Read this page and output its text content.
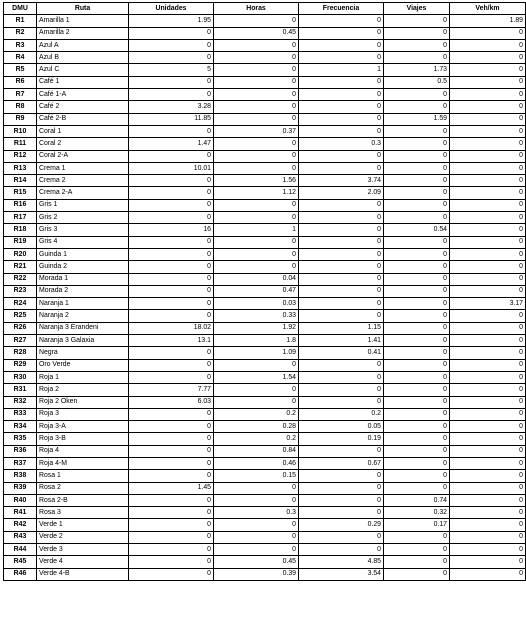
DMU	Ruta	Unidades	Horas	Frecuencia	Viajes	Veh/km
R1	Amarilla 1	1.95	0	0	0	1.89
R2	Amarilla 2	0	0.45	0	0	0
R3	Azul A	0	0	0	0	0
R4	Azul B	0	0	0	0	0
R5	Azul C	5	0	1	1.73	0
R6	Café 1	0	0	0	0.5	0
R7	Café 1-A	0	0	0	0	0
R8	Café 2	3.28	0	0	0	0
R9	Café 2-B	11.85	0	0	1.59	0
R10	Coral 1	0	0.37	0	0	0
R11	Coral 2	1.47	0	0.3	0	0
R12	Coral 2-A	0	0	0	0	0
R13	Crema 1	10.01	0	0	0	0
R14	Crema 2	0	1.56	3.74	0	0
R15	Crema 2-A	0	1.12	2.09	0	0
R16	Gris 1	0	0	0	0	0
R17	Gris 2	0	0	0	0	0
R18	Gris 3	16	1	0	0.54	0
R19	Gris 4	0	0	0	0	0
R20	Guinda 1	0	0	0	0	0
R21	Guinda 2	0	0	0	0	0
R22	Morada 1	0	0.04	0	0	0
R23	Morada 2	0	0.47	0	0	0
R24	Naranja 1	0	0.03	0	0	3.17
R25	Naranja 2	0	0.33	0	0	0
R26	Naranja 3 Erandeni	18.02	1.92	1.15	0	0
R27	Naranja 3 Galaxia	13.1	1.8	1.41	0	0
R28	Negra	0	1.09	0.41	0	0
R29	Oro Verde	0	0	0	0	0
R30	Roja 1	0	1.54	0	0	0
R31	Roja 2	7.77	0	0	0	0
R32	Roja 2 Oken	6.03	0	0	0	0
R33	Roja 3	0	0.2	0.2	0	0
R34	Roja 3-A	0	0.28	0.05	0	0
R35	Roja 3-B	0	0.2	0.19	0	0
R36	Roja 4	0	0.84	0	0	0
R37	Roja 4-M	0	0.46	0.67	0	0
R38	Rosa 1	0	0.15	0	0	0
R39	Rosa 2	1.45	0	0	0	0
R40	Rosa 2-B	0	0	0	0.74	0
R41	Rosa 3	0	0.3	0	0.32	0
R42	Verde 1	0	0	0.29	0.17	0
R43	Verde 2	0	0	0	0	0
R44	Verde 3	0	0	0	0	0
R45	Verde 4	0	0.45	4.85	0	0
R46	Verde 4-B	0	0.39	3.54	0	0
